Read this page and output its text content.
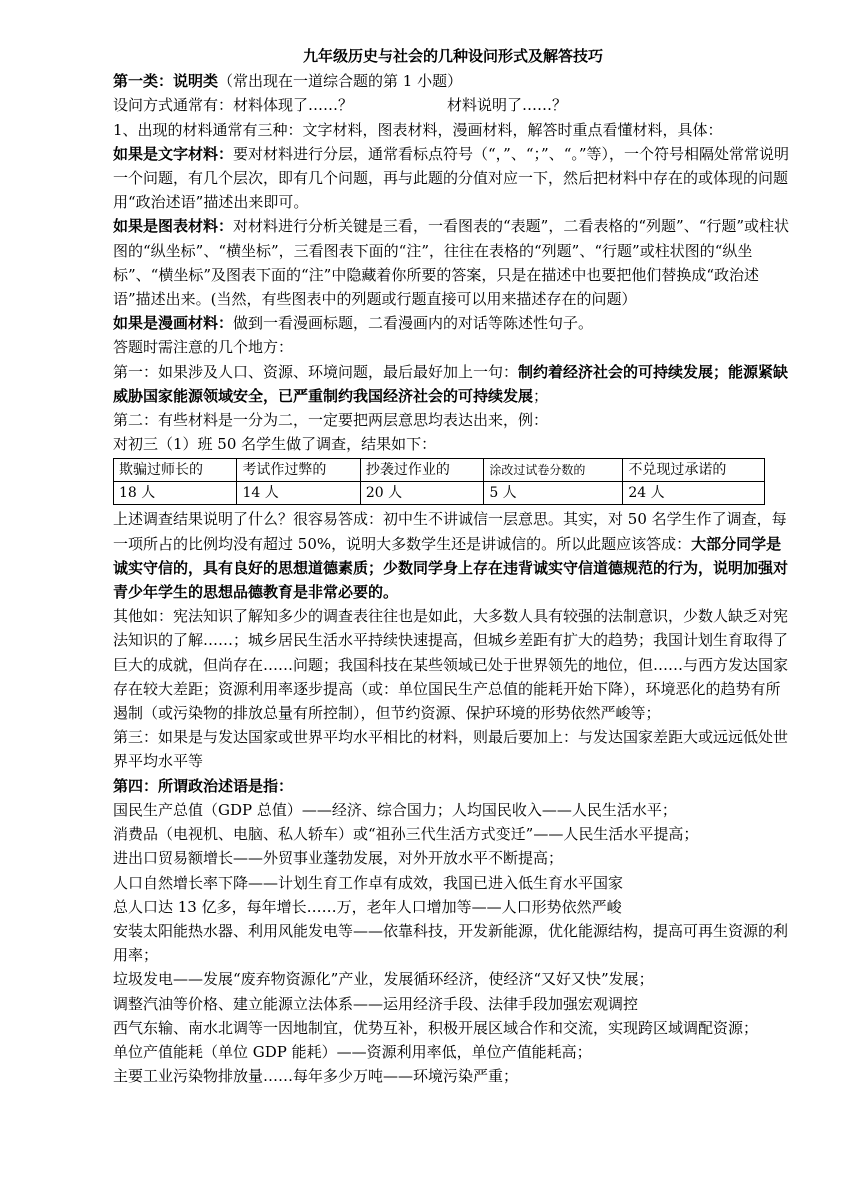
九年级历史与社会的几种设问形式及解答技巧

第一类：说明类（常出现在一道综合题的第 1 小题）

设问方式通常有：材料体现了……？	材料说明了……？

1、出现的材料通常有三种：文字材料，图表材料，漫画材料，解答时重点看懂材料，具体：

如果是文字材料：要对材料进行分层，通常看标点符号（“，”、“；”、“。”等），一个符号相隔处常常说明一个问题，有几个层次，即有几个问题，再与此题的分值对应一下，然后把材料中存在的或体现的问题用“政治述语”描述出来即可。

如果是图表材料：对材料进行分析关键是三看，一看图表的“表题”，二看表格的“列题”、“行题”或柱状图的“纵坐标”、“横坐标”，三看图表下面的“注”，往往在表格的“列题”、“行题”或柱状图的“纵坐标”、“横坐标”及图表下面的“注”中隐藏着你所要的答案，只是在描述中也要把他们替换成“政治述语”描述出来。(当然，有些图表中的列题或行题直接可以用来描述存在的问题）

如果是漫画材料：做到一看漫画标题，二看漫画内的对话等陈述性句子。

答题时需注意的几个地方：

第一：如果涉及人口、资源、环境问题，最后最好加上一句：制约着经济社会的可持续发展；能源紧缺威胁国家能源领域安全，已严重制约我国经济社会的可持续发展；

第二：有些材料是一分为二，一定要把两层意思均表达出来，例：

对初三（1）班 50 名学生做了调查，结果如下：

欺骗过师长的	考试作过弊的	抄袭过作业的	涂改过试卷分数的	不兑现过承诺的
18 人	14 人	20 人	5 人	24 人

上述调查结果说明了什么？很容易答成：初中生不讲诚信一层意思。其实，对 50 名学生作了调查，每一项所占的比例均没有超过 50%，说明大多数学生还是讲诚信的。所以此题应该答成：大部分同学是诚实守信的，具有良好的思想道德素质；少数同学身上存在违背诚实守信道德规范的行为，说明加强对青少年学生的思想品德教育是非常必要的。

其他如：宪法知识了解知多少的调查表往往也是如此，大多数人具有较强的法制意识，少数人缺乏对宪法知识的了解……；城乡居民生活水平持续快速提高，但城乡差距有扩大的趋势；我国计划生育取得了巨大的成就，但尚存在……问题；我国科技在某些领域已处于世界领先的地位，但……与西方发达国家存在较大差距；资源利用率逐步提高（或：单位国民生产总值的能耗开始下降），环境恶化的趋势有所遏制（或污染物的排放总量有所控制），但节约资源、保护环境的形势依然严峻等；

第三：如果是与发达国家或世界平均水平相比的材料，则最后要加上：与发达国家差距大或远远低处世界平均水平等

第四：所谓政治述语是指：

国民生产总值（GDP 总值）——经济、综合国力；人均国民收入——人民生活水平；

消费品（电视机、电脑、私人轿车）或“祖孙三代生活方式变迁”——人民生活水平提高；

进出口贸易额增长——外贸事业蓬勃发展，对外开放水平不断提高；

人口自然增长率下降——计划生育工作卓有成效，我国已进入低生育水平国家

总人口达 13 亿多，每年增长……万，老年人口增加等——人口形势依然严峻

安装太阳能热水器、利用风能发电等——依靠科技，开发新能源，优化能源结构，提高可再生资源的利用率；

垃圾发电——发展“废弃物资源化”产业，发展循环经济，使经济“又好又快”发展；

调整汽油等价格、建立能源立法体系——运用经济手段、法律手段加强宏观调控

西气东输、南水北调等一因地制宜，优势互补，积极开展区域合作和交流，实现跨区域调配资源；

单位产值能耗（单位 GDP 能耗）——资源利用率低，单位产值能耗高；

主要工业污染物排放量……每年多少万吨——环境污染严重；
